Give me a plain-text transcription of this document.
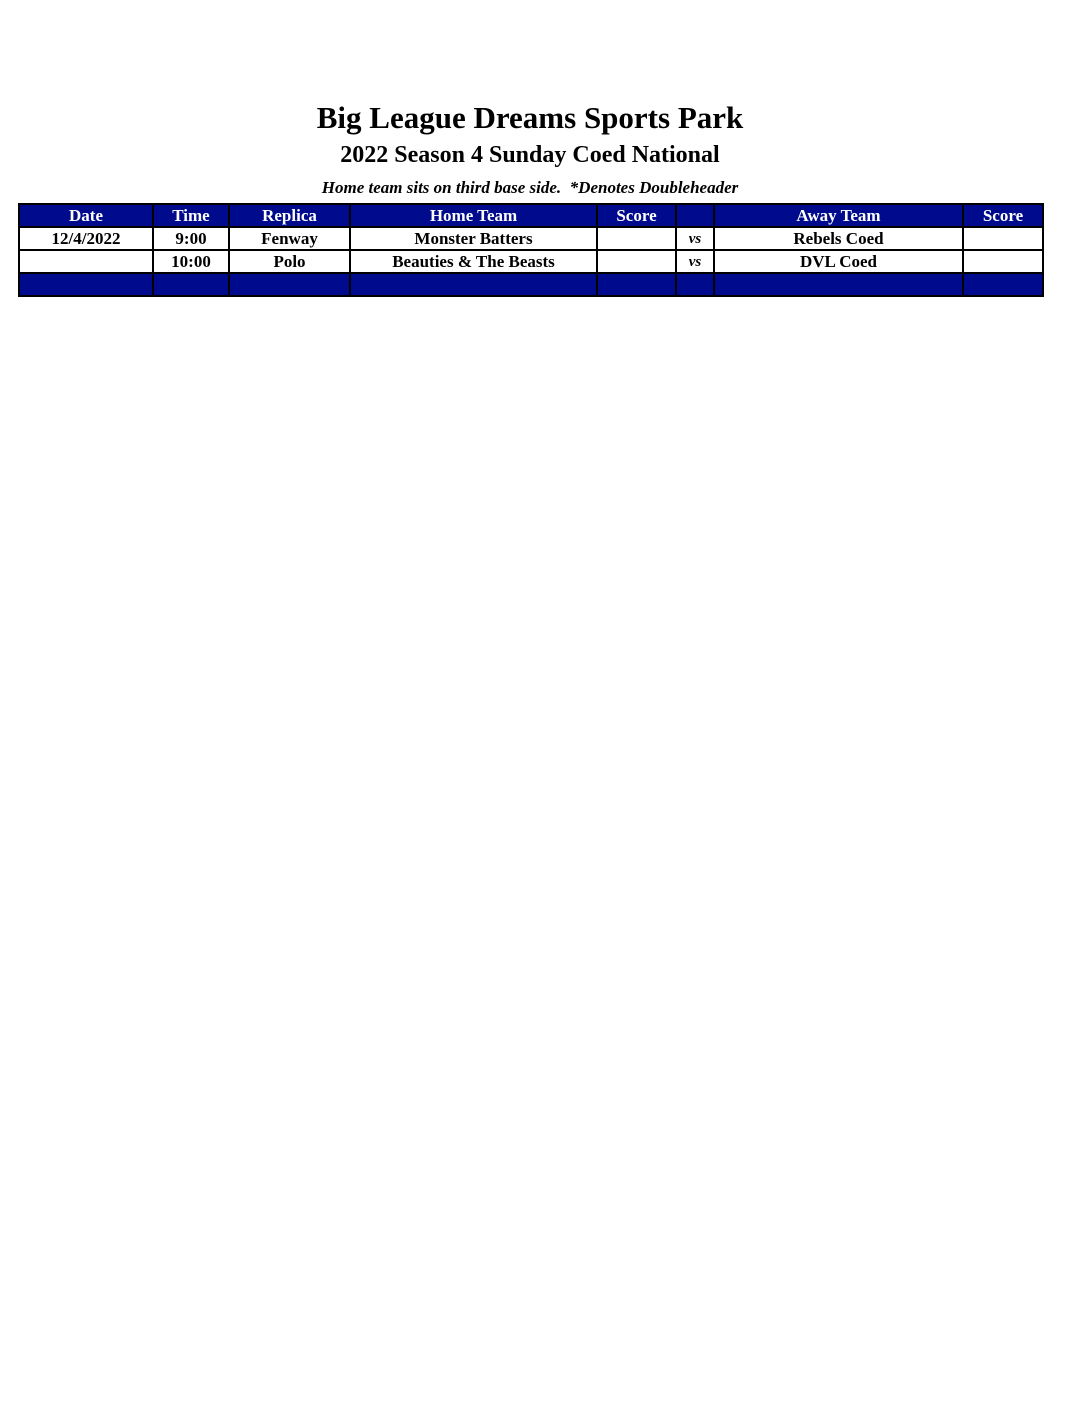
Big League Dreams Sports Park
2022 Season 4 Sunday Coed National
Home team sits on third base side.  *Denotes Doubleheader
Date	Time	Replica	Home Team	Score		Away Team	Score
12/4/2022	9:00	Fenway	Monster Batters		vs	Rebels Coed	
	10:00	Polo	Beauties & The Beasts		vs	DVL Coed	
